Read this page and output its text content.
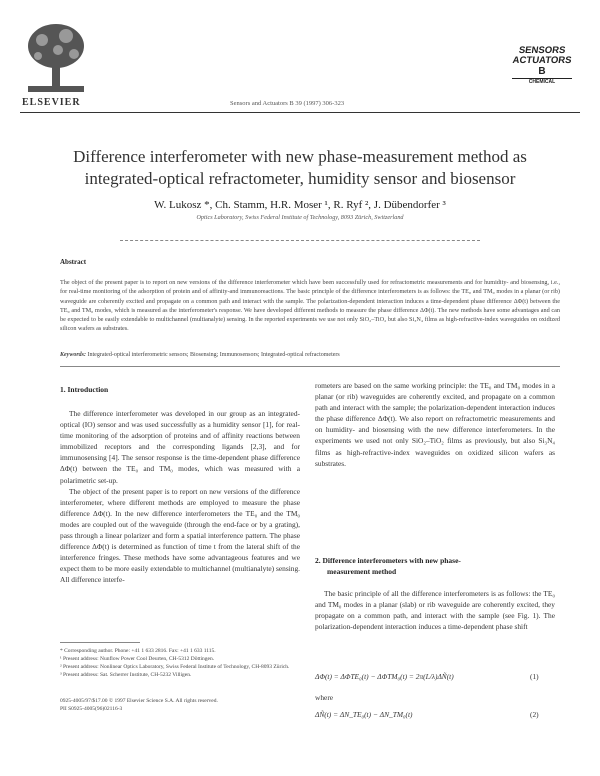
ELSEVIER	Sensors and Actuators B 39 (1997) 306-323
SENSORS
ACTUATORS
B
CHEMICAL
Difference interferometer with new phase-measurement method as
integrated-optical refractometer, humidity sensor and biosensor
W. Lukosz *, Ch. Stamm, H.R. Moser ¹, R. Ryf ², J. Dübendorfer ³
Optics Laboratory, Swiss Federal Institute of Technology, 8093 Zürich, Switzerland
Abstract
The object of the present paper is to report on new versions of the difference interferometer which have been successfully used for refractometric measurements and for humidity- and biosensing, i.e., for real-time monitoring of the adsorption of protein and of affinity-and immunoreactions. The basic principle of the difference interferometers is as follows: the TE₀ and TM₀ modes in a planar (or rib) waveguide are coherently excited and propagate on a common path and interact with the sample. The polarization-dependent interaction induces a time-dependent phase difference ΔΦ(t) between the TE₀ and TM₀ modes, which is measured as the interferometer's response. We have developed different methods to measure the phase difference ΔΦ(t). The new methods have some advantages and can be expected to be easily extendable to multichannel (multianalyte) sensing. In the reported experiments we use not only SiO₂–TiO₂ but also Si₃N₄ films as high-refractive-index waveguides on oxidized silicon wafers as substrates.
Keywords: Integrated-optical interferometric sensors; Biosensing; Immunosensors; Integrated-optical refractometers
1. Introduction

The difference interferometer was developed in our group as an integrated-optical (IO) sensor and was used successfully as a humidity sensor [1], for real-time monitoring of the adsorption of proteins and of affinity reactions between immobilized receptors and the corresponding ligands [2,3], and for immunosensing [4]. The sensor response is the time-dependent phase difference ΔΦ(t) between the TE₀ and TM₀ modes, which was measured with a polarimetric set-up.

The object of the present paper is to report on new versions of the difference interferometer, where different methods are employed to measure the phase difference ΔΦ(t). In the new difference interferometers the TE₀ and the TM₀ modes are coupled out of the waveguide (through the end-face or by a grating), pass through a linear polarizer and form a spatial interference pattern. The phase difference ΔΦ(t) is determined as function of time t from the lateral shift of the interference fringes. These methods have some advantageous features and we expect them to be more easily extendable to multichannel (multianalyte) sensing. All difference interfe-

* Corresponding author. Phone: +41 1 633 2816. Fax: +41 1 633 1115.
¹ Present address: Nunflow Power Cool Deurten, CH-5312 Döttingen.
² Present address: Nonlinear Optics Laboratory, Swiss Federal Institute of Technology, CH-8093 Zürich.
³ Present address: Sat. Scherrer Institute, CH-5232 Villigen.
0925-4005/97/$17.00 © 1997 Elsevier Science S.A. All rights reserved.
PII S0925-4005(96)02116-3

rometers are based on the same working principle: the TE₀ and TM₀ modes in a planar (or rib) waveguides are coherently excited, and propagate on a common path and interact with the sample; the polarization-dependent interaction induces the phase difference ΔΦ(t). We also report on refractometric measurements and on humidity- and biosensing with the new difference interferometers. In the experiments we used not only SiO₂–TiO₂ films as previously, but also Si₃N₄ films as high-refractive-index waveguides on oxidized silicon wafers as substrates.

2. Difference interferometers with new phase-
measurement method

The basic principle of all the difference interferometers is as follows: the TE₀ and TM₀ modes in a planar (slab) or rib waveguide are coherently excited, they propagate on a common path, and interact with the sample (see Fig. 1). The polarization-dependent interaction induces a time-dependent phase shift

ΔΦ(t) = ΔΦTE₀(t) − ΔΦTM₀(t) = 2π(L/λ)ΔÑ(t)	(1)
where
ΔÑ(t) = ΔN_TE₀(t) − ΔN_TM₀(t)	(2)
